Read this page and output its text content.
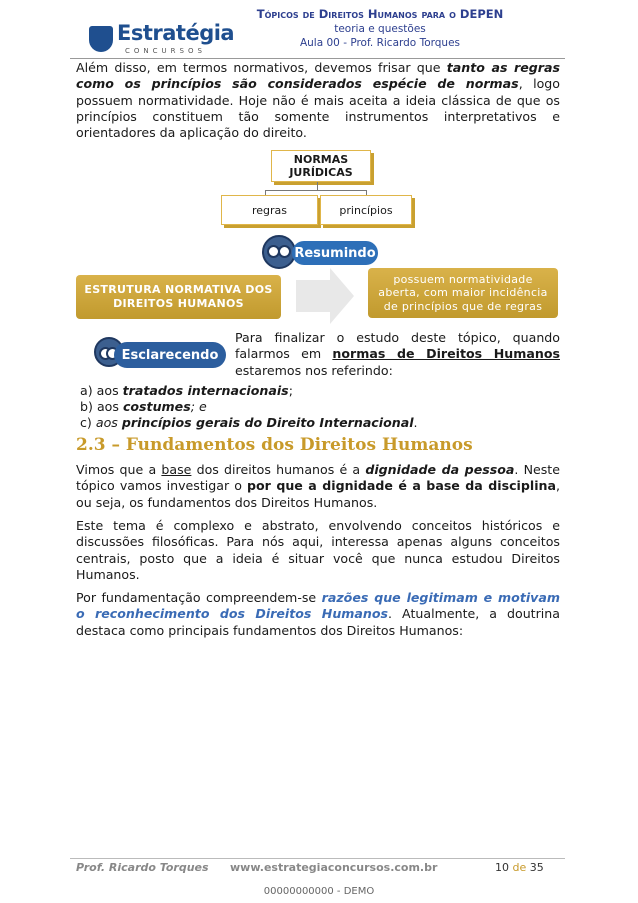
Estratégia
CONCURSOS
Tópicos de Direitos Humanos para o DEPEN
teoria e questões
Aula 00 - Prof. Ricardo Torques
Além disso, em termos normativos, devemos frisar que tanto as regras como os princípios são considerados espécie de normas, logo possuem normatividade. Hoje não é mais aceita a ideia clássica de que os princípios constituem tão somente instrumentos interpretativos e orientadores da aplicação do direito.
NORMAS JURÍDICAS
regras	princípios
Resumindo
ESTRUTURA NORMATIVA DOS DIREITOS HUMANOS
possuem normatividade aberta, com maior incidência de princípios que de regras
Esclarecendo
Para finalizar o estudo deste tópico, quando falarmos em normas de Direitos Humanos estaremos nos referindo:
a) aos tratados internacionais;
b) aos costumes; e
c) aos princípios gerais do Direito Internacional.
2.3 – Fundamentos dos Direitos Humanos
Vimos que a base dos direitos humanos é a dignidade da pessoa. Neste tópico vamos investigar o por que a dignidade é a base da disciplina, ou seja, os fundamentos dos Direitos Humanos.
Este tema é complexo e abstrato, envolvendo conceitos históricos e discussões filosóficas. Para nós aqui, interessa apenas alguns conceitos centrais, posto que a ideia é situar você que nunca estudou Direitos Humanos.
Por fundamentação compreendem-se razões que legitimam e motivam o reconhecimento dos Direitos Humanos. Atualmente, a doutrina destaca como principais fundamentos dos Direitos Humanos:
Prof. Ricardo Torques www.estrategiaconcursos.com.br	10 de 35
00000000000 - DEMO
